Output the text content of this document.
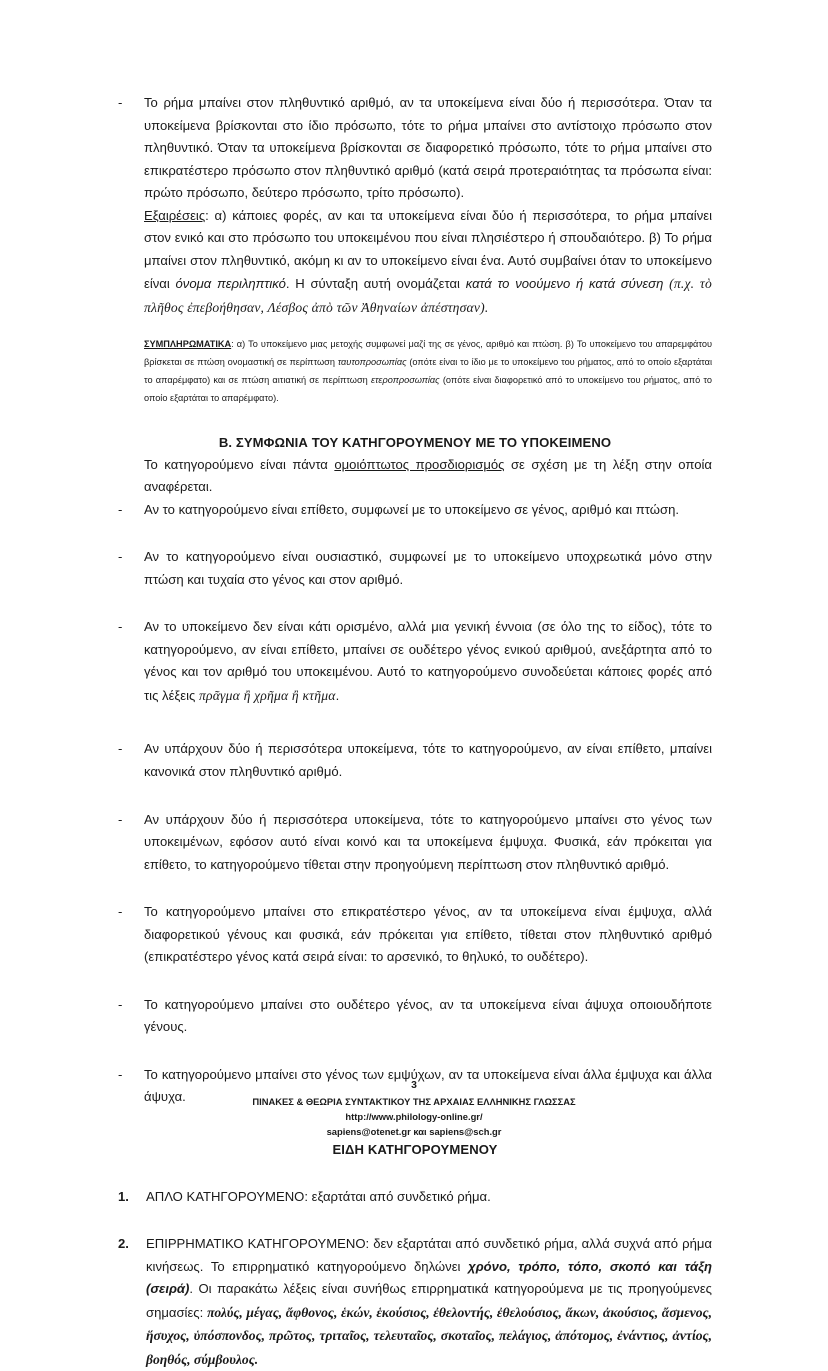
-	Το ρήμα μπαίνει στον πληθυντικό αριθμό, αν τα υποκείμενα είναι δύο ή περισσότερα. Όταν τα υποκείμενα βρίσκονται στο ίδιο πρόσωπο, τότε το ρήμα μπαίνει στο αντίστοιχο πρόσωπο στον πληθυντικό. Όταν τα υποκείμενα βρίσκονται σε διαφορετικό πρόσωπο, τότε το ρήμα μπαίνει στο επικρατέστερο πρόσωπο στον πληθυντικό αριθμό (κατά σειρά προτεραιότητας τα πρόσωπα είναι: πρώτο πρόσωπο, δεύτερο πρόσωπο, τρίτο πρόσωπο).

Εξαιρέσεις: α) κάποιες φορές, αν και τα υποκείμενα είναι δύο ή περισσότερα, το ρήμα μπαίνει στον ενικό και στο πρόσωπο του υποκειμένου που είναι πλησιέστερο ή σπουδαιότερο. β) Το ρήμα μπαίνει στον πληθυντικό, ακόμη κι αν το υποκείμενο είναι ένα. Αυτό συμβαίνει όταν το υποκείμενο είναι όνομα περιληπτικό. Η σύνταξη αυτή ονομάζεται κατά το νοούμενο ή κατά σύνεση (π.χ. τὸ πλῆθος ἐπεβοήθησαν, Λέσβος ἀπὸ τῶν Ἀθηναίων ἀπέστησαν).

ΣΥΜΠΛΗΡΩΜΑΤΙΚΑ: α) Το υποκείμενο μιας μετοχής συμφωνεί μαζί της σε γένος, αριθμό και πτώση. β) Το υποκείμενο του απαρεμφάτου βρίσκεται σε πτώση ονομαστική σε περίπτωση ταυτοπροσωπίας (οπότε είναι το ίδιο με το υποκείμενο του ρήματος, από το οποίο εξαρτάται το απαρέμφατο) και σε πτώση αιτιατική σε περίπτωση ετεροπροσωπίας (οπότε είναι διαφορετικό από το υποκείμενο του ρήματος, από το οποίο εξαρτάται το απαρέμφατο).

Β. ΣΥΜΦΩΝΙΑ ΤΟΥ ΚΑΤΗΓΟΡΟΥΜΕΝΟΥ ΜΕ ΤΟ ΥΠΟΚΕΙΜΕΝΟ

Το κατηγορούμενο είναι πάντα ομοιόπτωτος προσδιορισμός σε σχέση με τη λέξη στην οποία αναφέρεται.

-	Αν το κατηγορούμενο είναι επίθετο, συμφωνεί με το υποκείμενο σε γένος, αριθμό και πτώση.

-	Αν το κατηγορούμενο είναι ουσιαστικό, συμφωνεί με το υποκείμενο υποχρεωτικά μόνο στην πτώση και τυχαία στο γένος και στον αριθμό.

-	Αν το υποκείμενο δεν είναι κάτι ορισμένο, αλλά μια γενική έννοια (σε όλο της το είδος), τότε το κατηγορούμενο, αν είναι επίθετο, μπαίνει σε ουδέτερο γένος ενικού αριθμού, ανεξάρτητα από το γένος και τον αριθμό του υποκειμένου. Αυτό το κατηγορούμενο συνοδεύεται κάποιες φορές από τις λέξεις πρᾶγμα ἢ χρῆμα ἢ κτῆμα.

-	Αν υπάρχουν δύο ή περισσότερα υποκείμενα, τότε το κατηγορούμενο, αν είναι επίθετο, μπαίνει κανονικά στον πληθυντικό αριθμό.

-	Αν υπάρχουν δύο ή περισσότερα υποκείμενα, τότε το κατηγορούμενο μπαίνει στο γένος των υποκειμένων, εφόσον αυτό είναι κοινό και τα υποκείμενα έμψυχα. Φυσικά, εάν πρόκειται για επίθετο, το κατηγορούμενο τίθεται στην προηγούμενη περίπτωση στον πληθυντικό αριθμό.

-	Το κατηγορούμενο μπαίνει στο επικρατέστερο γένος, αν τα υποκείμενα είναι έμψυχα, αλλά διαφορετικού γένους και φυσικά, εάν πρόκειται για επίθετο, τίθεται στον πληθυντικό αριθμό (επικρατέστερο γένος κατά σειρά είναι: το αρσενικό, το θηλυκό, το ουδέτερο).

-	Το κατηγορούμενο μπαίνει στο ουδέτερο γένος, αν τα υποκείμενα είναι άψυχα οποιουδήποτε γένους.

-	Το κατηγορούμενο μπαίνει στο γένος των εμψύχων, αν τα υποκείμενα είναι άλλα έμψυχα και άλλα άψυχα.

ΕΙΔΗ ΚΑΤΗΓΟΡΟΥΜΕΝΟΥ
1.	ΑΠΛΟ ΚΑΤΗΓΟΡΟΥΜΕΝΟ: εξαρτάται από συνδετικό ρήμα.

2.	ΕΠΙΡΡΗΜΑΤΙΚΟ ΚΑΤΗΓΟΡΟΥΜΕΝΟ: δεν εξαρτάται από συνδετικό ρήμα, αλλά συχνά από ρήμα κινήσεως. Το επιρρηματικό κατηγορούμενο δηλώνει χρόνο, τρόπο, τόπο, σκοπό και τάξη (σειρά). Οι παρακάτω λέξεις είναι συνήθως επιρρηματικά κατηγορούμενα με τις προηγούμενες σημασίες: πολύς, μέγας, ἄφθονος, ἑκών, ἑκούσιος, ἐθελοντής, ἐθελούσιος, ἄκων, ἀκούσιος, ἄσμενος, ἥσυχος, ὑπόσπονδος, πρῶτος, τριταῖος, τελευταῖος, σκοταῖος, πελάγιος, ἀπότομος, ἐνάντιος, ἀντίος, βοηθός, σύμβουλος.

3
ΠΙΝΑΚΕΣ & ΘΕΩΡΙΑ ΣΥΝΤΑΚΤΙΚΟΥ ΤΗΣ ΑΡΧΑΙΑΣ ΕΛΛΗΝΙΚΗΣ ΓΛΩΣΣΑΣ
http://www.philology-online.gr/
sapiens@otenet.gr και sapiens@sch.gr
